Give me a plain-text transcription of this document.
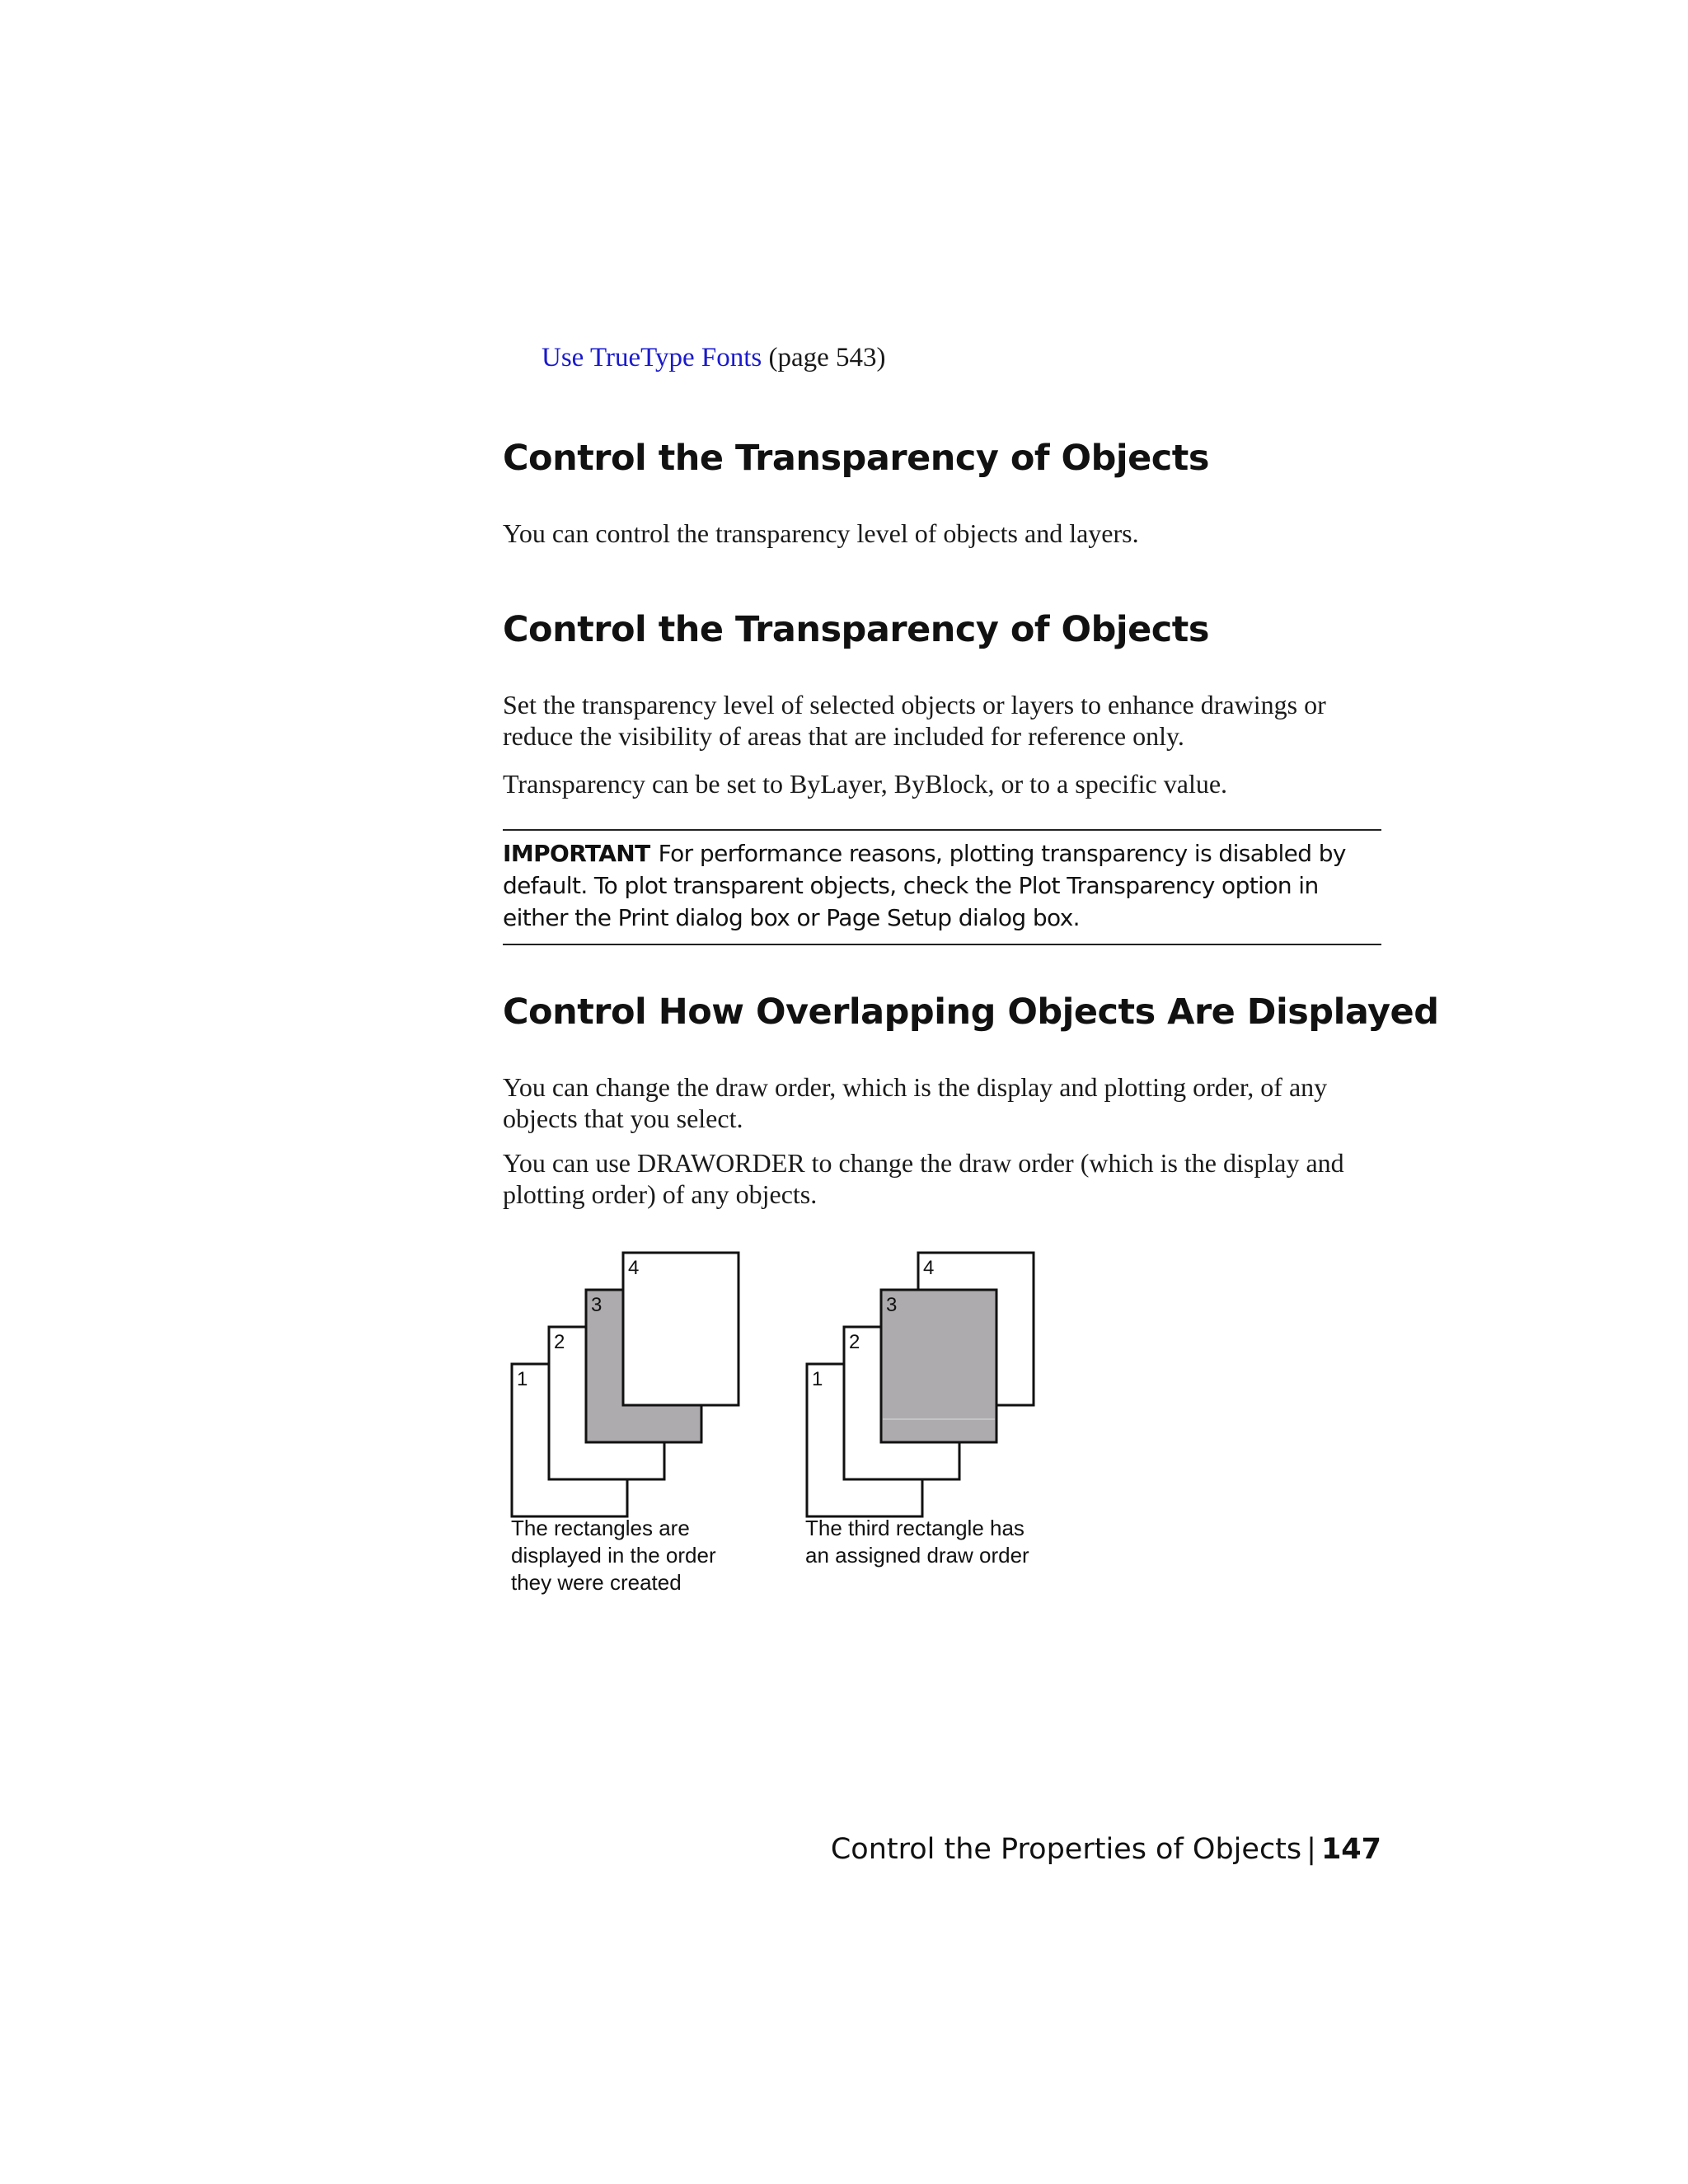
Use TrueType Fonts (page 543)
Control the Transparency of Objects

You can control the transparency level of objects and layers.

Control the Transparency of Objects

Set the transparency level of selected objects or layers to enhance drawings or reduce the visibility of areas that are included for reference only.

Transparency can be set to ByLayer, ByBlock, or to a specific value.

IMPORTANT For performance reasons, plotting transparency is disabled by default. To plot transparent objects, check the Plot Transparency option in either the Print dialog box or Page Setup dialog box.
Control How Overlapping Objects Are Displayed

You can change the draw order, which is the display and plotting order, of any objects that you select.

You can use DRAWORDER to change the draw order (which is the display and plotting order) of any objects.

1
2
3
4
1
2
3
4

The rectangles are displayed in the order they were created

The third rectangle has an assigned draw order

Control the Properties of Objects | 147
